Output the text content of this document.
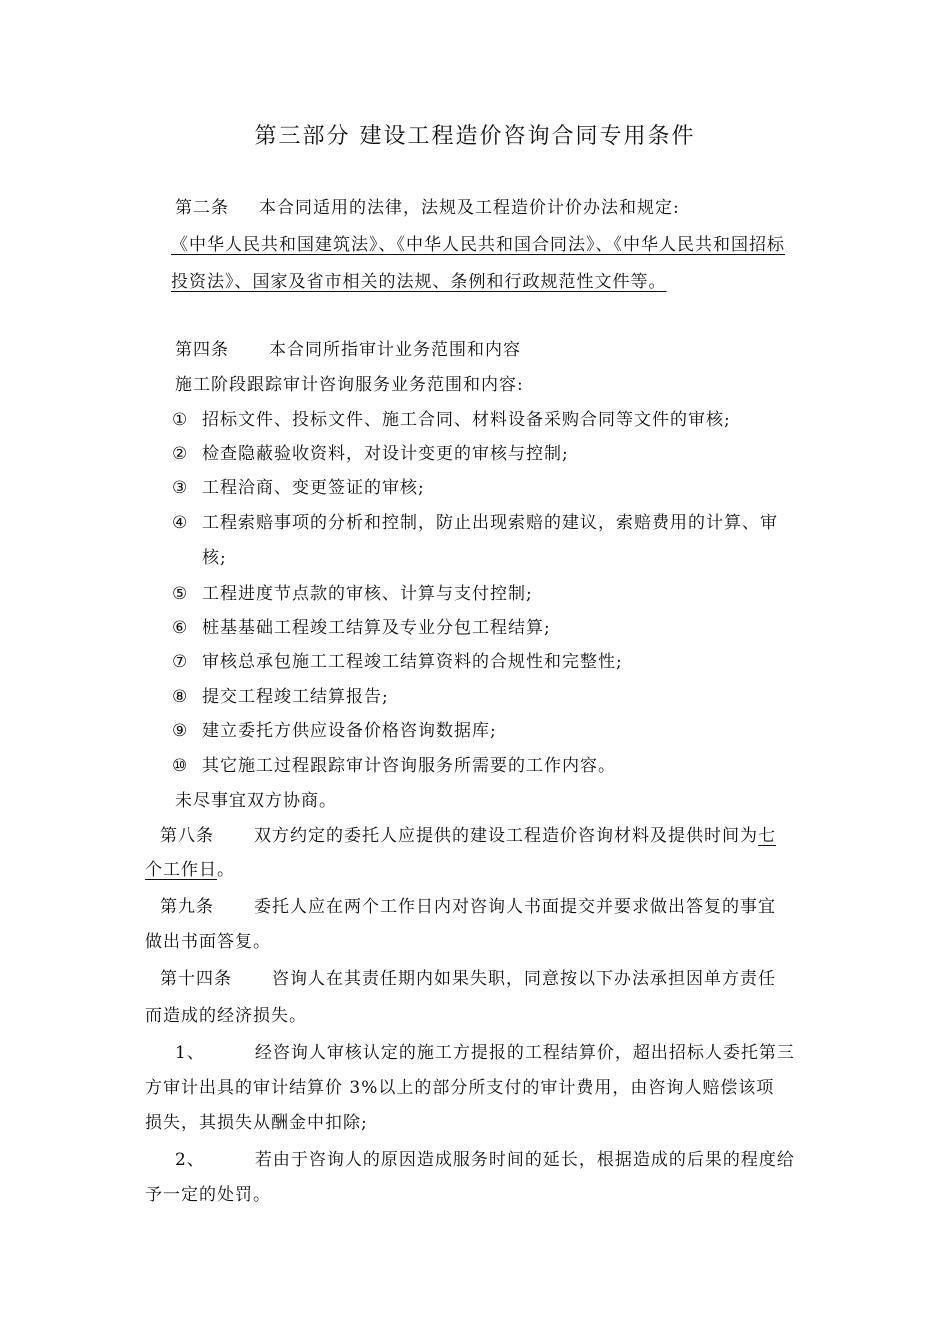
第三部分 建设工程造价咨询合同专用条件
第二条 本合同适用的法律，法规及工程造价计价办法和规定:
《中华人民共和国建筑法》、《中华人民共和国合同法》、《中华人民共和国招标
投资法》、国家及省市相关的法规、条例和行政规范性文件等。
第四条 本合同所指审计业务范围和内容
施工阶段跟踪审计咨询服务业务范围和内容:
① 招标文件、投标文件、施工合同、材料设备采购合同等文件的审核;
② 检查隐蔽验收资料，对设计变更的审核与控制;
③ 工程洽商、变更签证的审核;
④ 工程索赔事项的分析和控制，防止出现索赔的建议，索赔费用的计算、审
核;
⑤ 工程进度节点款的审核、计算与支付控制;
⑥ 桩基基础工程竣工结算及专业分包工程结算;
⑦ 审核总承包施工工程竣工结算资料的合规性和完整性;
⑧ 提交工程竣工结算报告;
⑨ 建立委托方供应设备价格咨询数据库;
⑩ 其它施工过程跟踪审计咨询服务所需要的工作内容。
未尽事宜双方协商。
第八条 双方约定的委托人应提供的建设工程造价咨询材料及提供时间为七
个工作日。
第九条 委托人应在两个工作日内对咨询人书面提交并要求做出答复的事宜
做出书面答复。
第十四条 咨询人在其责任期内如果失职，同意按以下办法承担因单方责任
而造成的经济损失。
1、	经咨询人审核认定的施工方提报的工程结算价，超出招标人委托第三
方审计出具的审计结算价 3%以上的部分所支付的审计费用，由咨询人赔偿该项
损失，其损失从酬金中扣除;
2、	若由于咨询人的原因造成服务时间的延长，根据造成的后果的程度给
予一定的处罚。
